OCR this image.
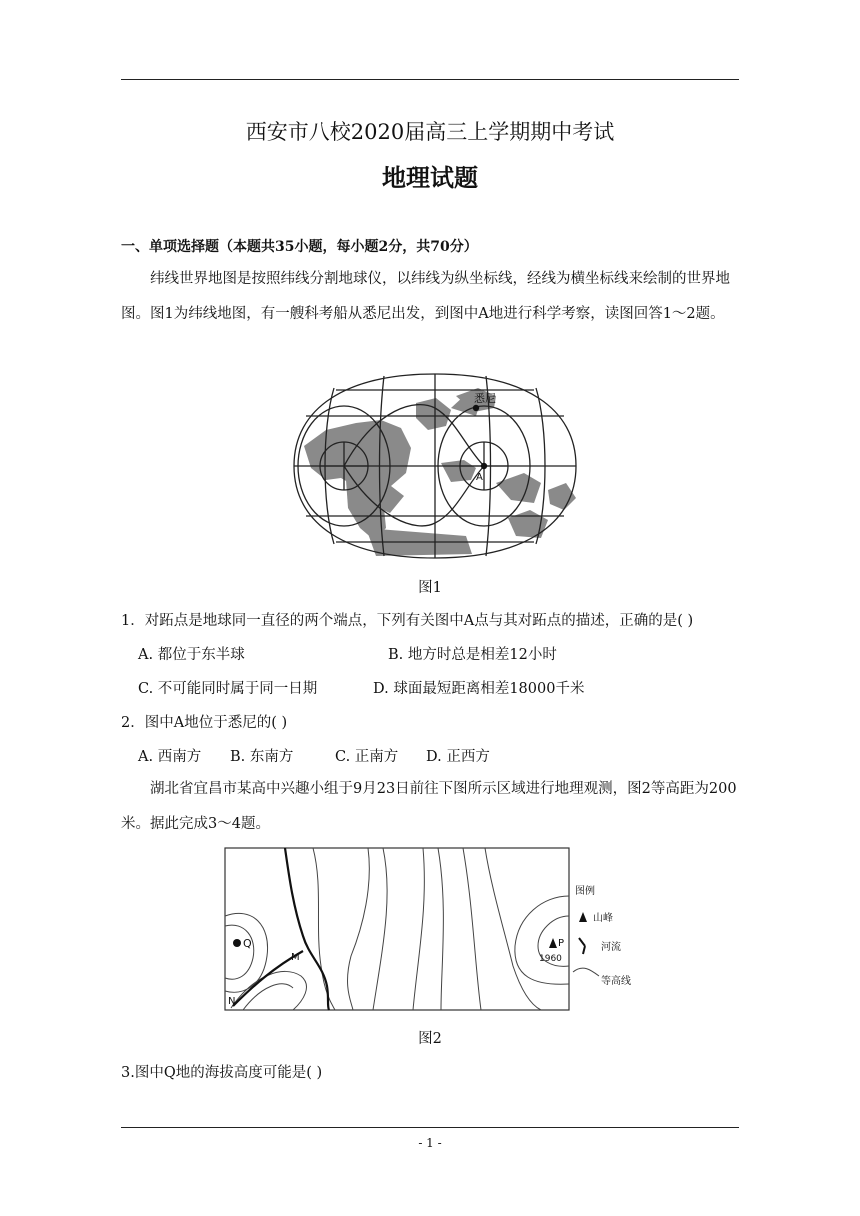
西安市八校2020届高三上学期期中考试
地理试题
一、单项选择题（本题共35小题，每小题2分，共70分）
纬线世界地图是按照纬线分割地球仪，以纬线为纵坐标线，经线为横坐标线来绘制的世界地图。图1为纬线地图，有一艘科考船从悉尼出发，到图中A地进行科学考察，读图回答1～2题。
悉尼
A
图1
1．对跖点是地球同一直径的两个端点，下列有关图中A点与其对跖点的描述，正确的是( )
A. 都位于东半球	B. 地方时总是相差12小时
C. 不可能同时属于同一日期	D. 球面最短距离相差18000千米
2．图中A地位于悉尼的( )
A. 西南方 B. 东南方	C. 正南方 D. 正西方
湖北省宜昌市某高中兴趣小组于9月23日前往下图所示区域进行地理观测，图2等高距为200米。据此完成3～4题。
Q
M
N
P
1960
图例
山峰
河流
等高线
图2
3.图中Q地的海拔高度可能是( )
- 1 -
